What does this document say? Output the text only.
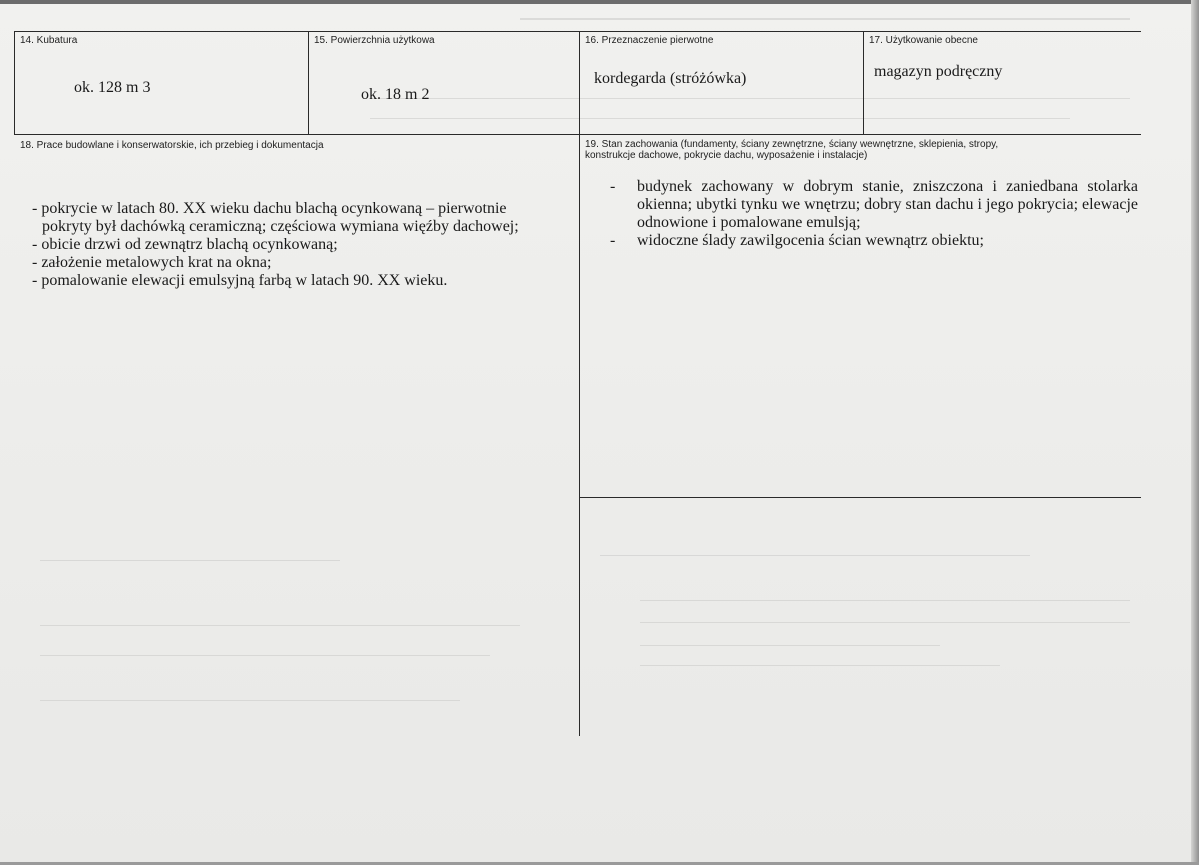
14. Kubatura
ok. 128 m 3
15. Powierzchnia użytkowa
ok. 18 m 2
16. Przeznaczenie pierwotne
kordegarda (stróżówka)
17. Użytkowanie obecne
magazyn podręczny
18. Prace budowlane i konserwatorskie, ich przebieg i dokumentacja
- pokrycie w latach 80. XX wieku dachu blachą ocynkowaną – pierwotnie
pokryty był dachówką ceramiczną; częściowa wymiana więźby dachowej;
- obicie drzwi od zewnątrz blachą ocynkowaną;
- założenie metalowych krat na okna;
- pomalowanie elewacji emulsyjną farbą w latach 90. XX wieku.
19. Stan zachowania (fundamenty, ściany zewnętrzne, ściany wewnętrzne, sklepienia, stropy,
konstrukcje dachowe, pokrycie dachu, wyposażenie i instalacje)
- budynek zachowany w dobrym stanie, zniszczona i zaniedbana stolarka okienna; ubytki tynku we wnętrzu; dobry stan dachu i jego pokrycia; elewacje odnowione i pomalowane emulsją;
- widoczne ślady zawilgocenia ścian wewnątrz obiektu;
